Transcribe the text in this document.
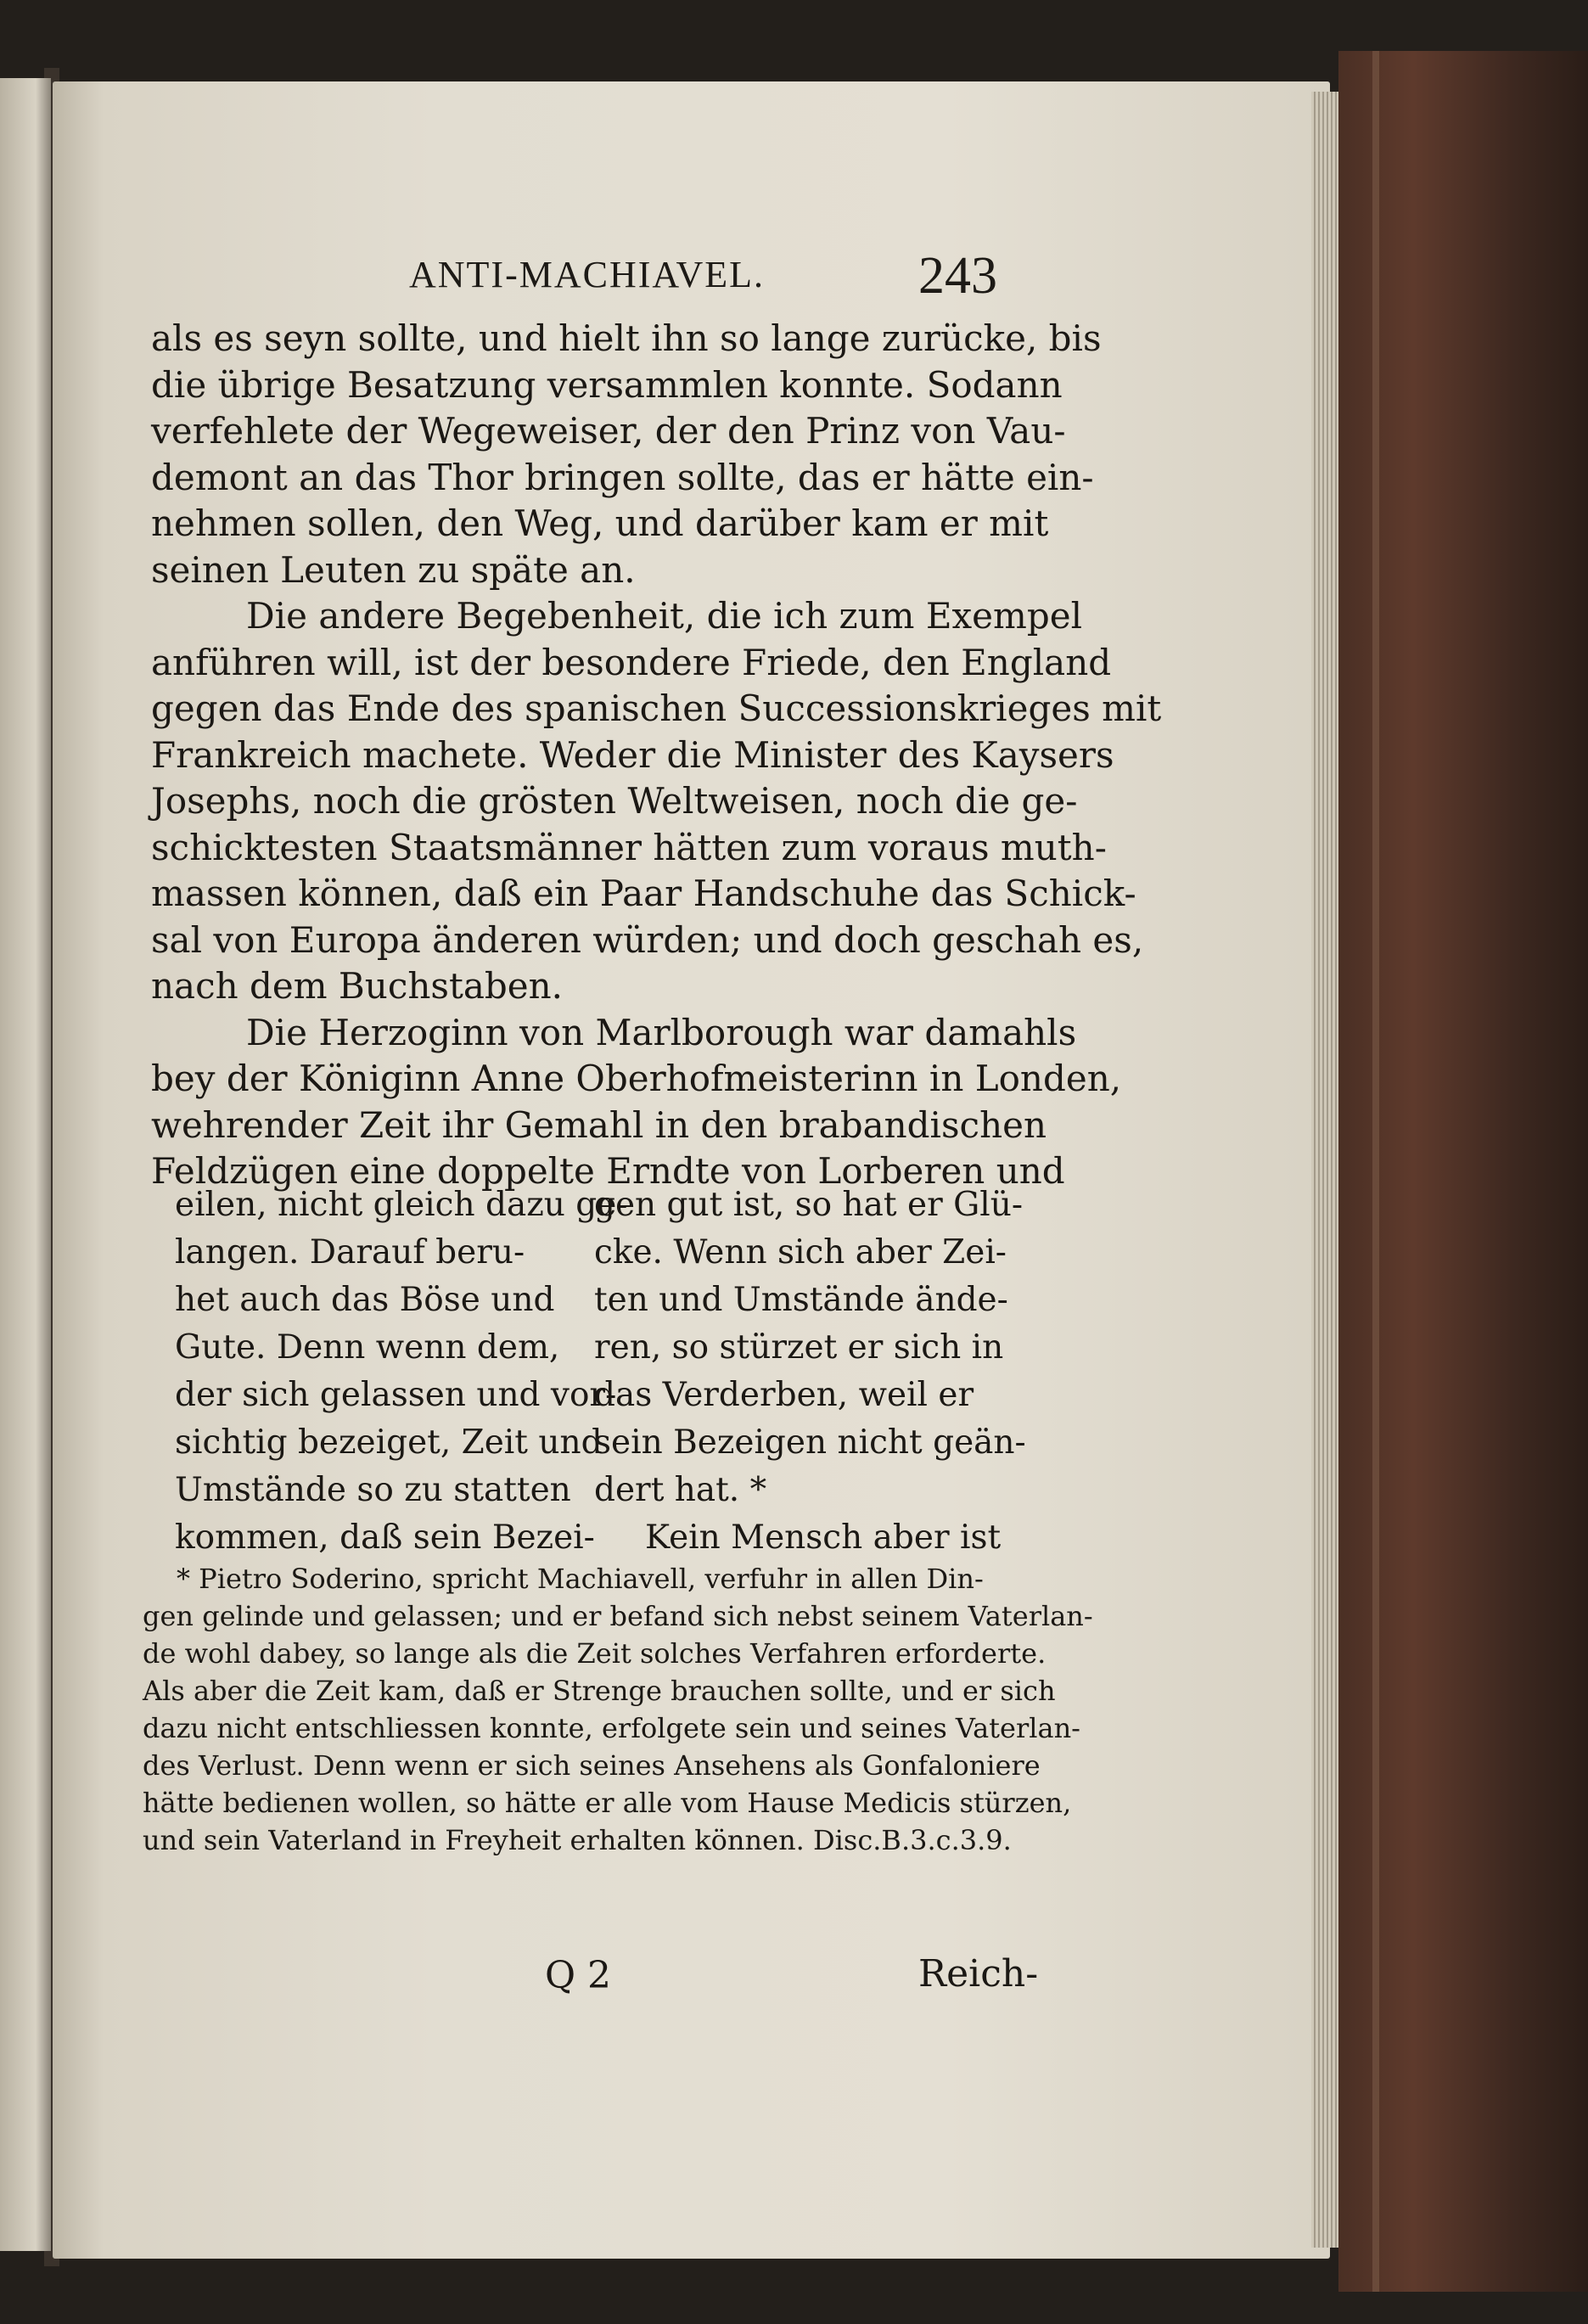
ANTI-MACHIAVEL.	243
als es seyn sollte, und hielt ihn so lange zurücke, bis
die übrige Besatzung versammlen konnte. Sodann
verfehlete der Wegeweiser, der den Prinz von Vau-
demont an das Thor bringen sollte, das er hätte ein-
nehmen sollen, den Weg, und darüber kam er mit
seinen Leuten zu späte an.
Die andere Begebenheit, die ich zum Exempel
anführen will, ist der besondere Friede, den England
gegen das Ende des spanischen Successionskrieges mit
Frankreich machete. Weder die Minister des Kaysers
Josephs, noch die grösten Weltweisen, noch die ge-
schicktesten Staatsmänner hätten zum voraus muth-
massen können, daß ein Paar Handschuhe das Schick-
sal von Europa änderen würden; und doch geschah es,
nach dem Buchstaben.
Die Herzoginn von Marlborough war damahls
bey der Königinn Anne Oberhofmeisterinn in Londen,
wehrender Zeit ihr Gemahl in den brabandischen
Feldzügen eine doppelte Erndte von Lorberen und
eilen, nicht gleich dazu ge-
langen. Darauf beru-
het auch das Böse und
Gute. Denn wenn dem,
der sich gelassen und vor-
sichtig bezeiget, Zeit und
Umstände so zu statten
kommen, daß sein Bezei-
gen gut ist, so hat er Glü-
cke. Wenn sich aber Zei-
ten und Umstände ände-
ren, so stürzet er sich in
das Verderben, weil er
sein Bezeigen nicht geän-
dert hat. *
Kein Mensch aber ist
* Pietro Soderino, spricht Machiavell, verfuhr in allen Din-
gen gelinde und gelassen; und er befand sich nebst seinem Vaterlan-
de wohl dabey, so lange als die Zeit solches Verfahren erforderte.
Als aber die Zeit kam, daß er Strenge brauchen sollte, und er sich
dazu nicht entschliessen konnte, erfolgete sein und seines Vaterlan-
des Verlust. Denn wenn er sich seines Ansehens als Gonfaloniere
hätte bedienen wollen, so hätte er alle vom Hause Medicis stürzen,
und sein Vaterland in Freyheit erhalten können. Disc.B.3.c.3.9.
Q 2	Reich-
